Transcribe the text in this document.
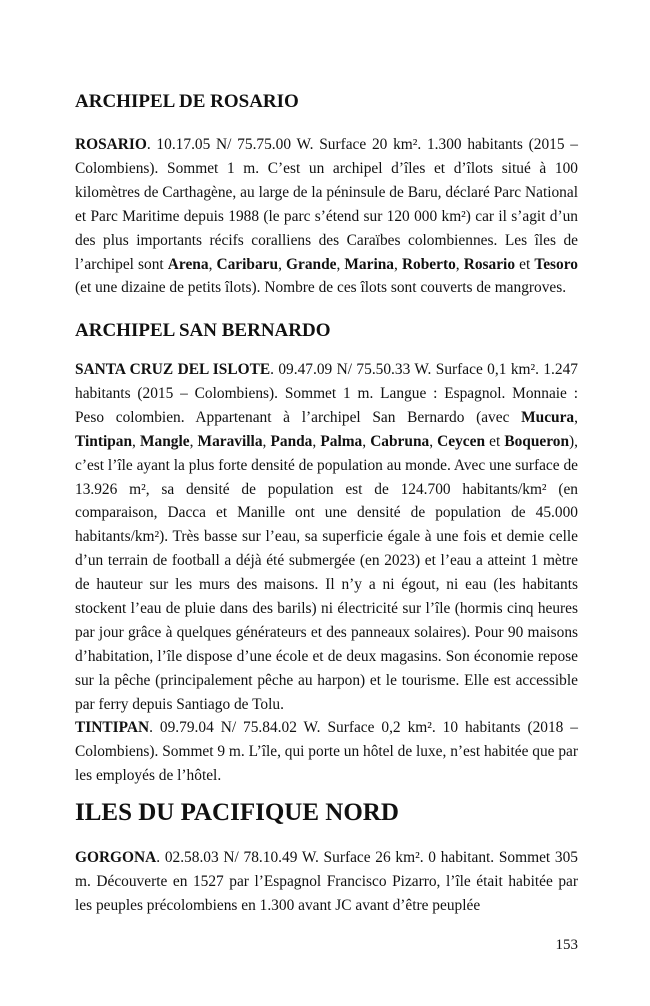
ARCHIPEL DE ROSARIO

ROSARIO. 10.17.05 N/ 75.75.00 W. Surface 20 km². 1.300 habitants (2015 – Colombiens). Sommet 1 m. C’est un archipel d’îles et d’îlots situé à 100 kilomètres de Carthagène, au large de la péninsule de Baru, déclaré Parc National et Parc Maritime depuis 1988 (le parc s’étend sur 120 000 km²) car il s’agit d’un des plus importants récifs coralliens des Caraïbes colombiennes. Les îles de l’archipel sont Arena, Caribaru, Grande, Marina, Roberto, Rosario et Tesoro (et une dizaine de petits îlots). Nombre de ces îlots sont couverts de mangroves.

ARCHIPEL SAN BERNARDO

SANTA CRUZ DEL ISLOTE. 09.47.09 N/ 75.50.33 W. Surface 0,1 km². 1.247 habitants (2015 – Colombiens). Sommet 1 m. Langue : Espagnol. Monnaie : Peso colombien. Appartenant à l’archipel San Bernardo (avec Mucura, Tintipan, Mangle, Maravilla, Panda, Palma, Cabruna, Ceycen et Boqueron), c’est l’île ayant la plus forte densité de population au monde. Avec une surface de 13.926 m², sa densité de population est de 124.700 habitants/km² (en comparaison, Dacca et Manille ont une densité de population de 45.000 habitants/km²). Très basse sur l’eau, sa superficie égale à une fois et demie celle d’un terrain de football a déjà été submergée (en 2023) et l’eau a atteint 1 mètre de hauteur sur les murs des maisons. Il n’y a ni égout, ni eau (les habitants stockent l’eau de pluie dans des barils) ni électricité sur l’île (hormis cinq heures par jour grâce à quelques générateurs et des panneaux solaires). Pour 90 maisons d’habitation, l’île dispose d’une école et de deux magasins. Son économie repose sur la pêche (principalement pêche au harpon) et le tourisme. Elle est accessible par ferry depuis Santiago de Tolu.

TINTIPAN. 09.79.04 N/ 75.84.02 W. Surface 0,2 km². 10 habitants (2018 – Colombiens). Sommet 9 m. L’île, qui porte un hôtel de luxe, n’est habitée que par les employés de l’hôtel.

ILES DU PACIFIQUE NORD

GORGONA. 02.58.03 N/ 78.10.49 W. Surface 26 km². 0 habitant. Sommet 305 m. Découverte en 1527 par l’Espagnol Francisco Pizarro, l’île était habitée par les peuples précolombiens en 1.300 avant JC avant d’être peuplée

153
